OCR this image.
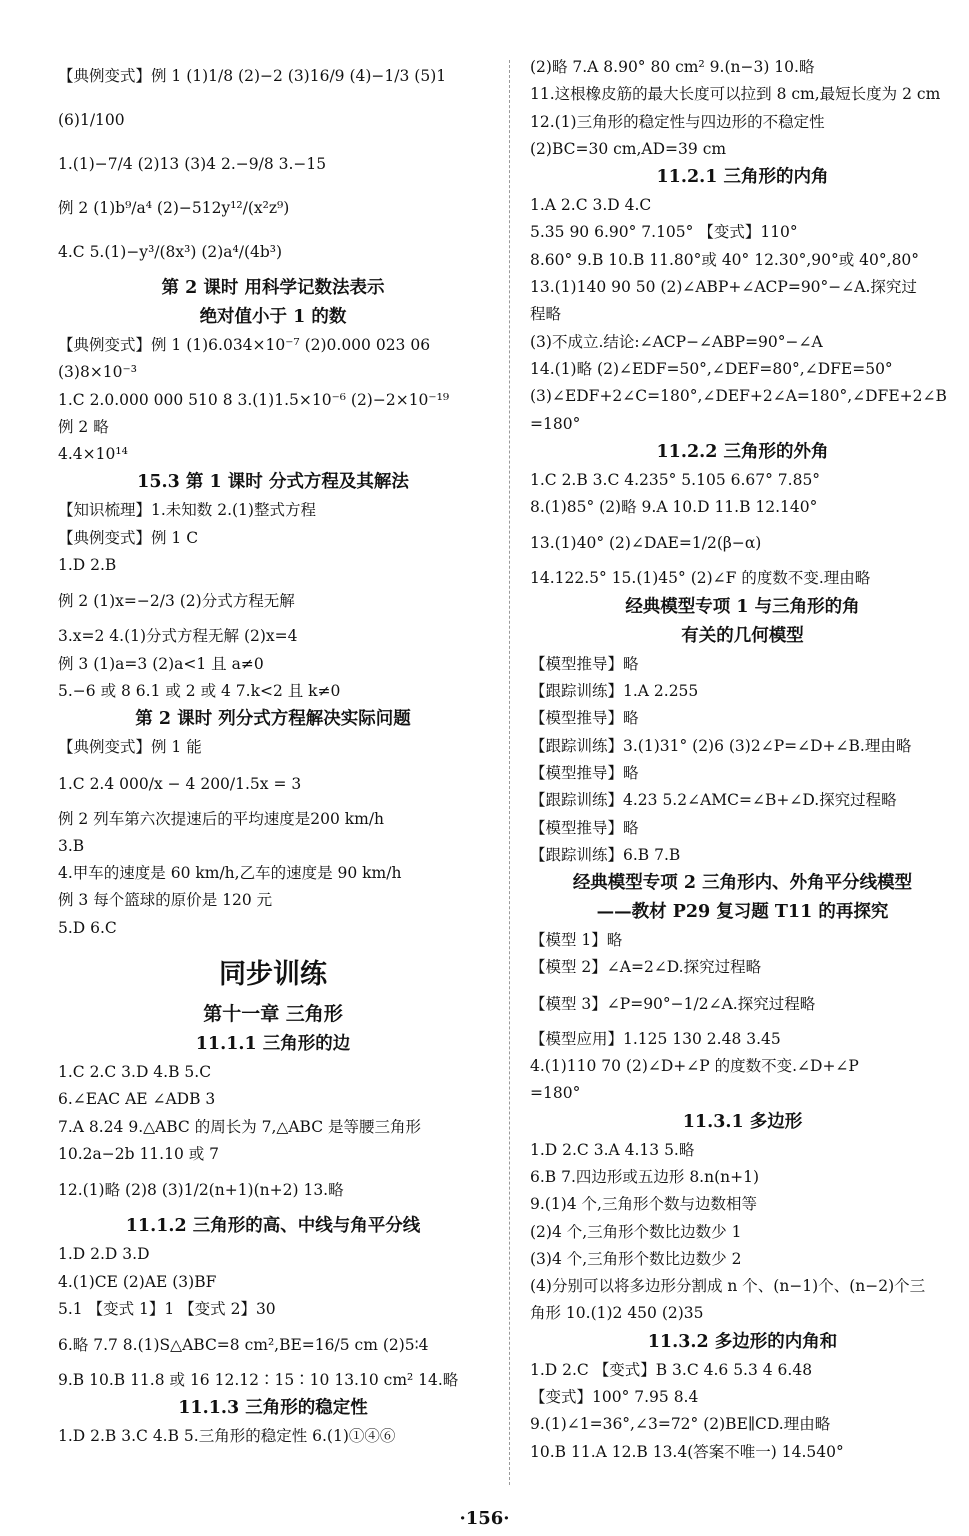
【典例变式】例 1 (1)1/8 (2)−2 (3)16/9 (4)−1/3 (5)1
(6)1/100
1.(1)−7/4 (2)13 (3)4 2.−9/8 3.−15
例 2 (1)b⁹/a⁴ (2)−512y¹²/(x²z⁹)
4.C 5.(1)−y³/(8x³) (2)a⁴/(4b³)
第 2 课时 用科学记数法表示
绝对值小于 1 的数
【典例变式】例 1 (1)6.034×10⁻⁷ (2)0.000 023 06
(3)8×10⁻³
1.C 2.0.000 000 510 8 3.(1)1.5×10⁻⁶ (2)−2×10⁻¹⁹
例 2 略
4.4×10¹⁴
15.3 第 1 课时 分式方程及其解法
【知识梳理】1.未知数 2.(1)整式方程
【典例变式】例 1 C
1.D 2.B
例 2 (1)x=−2/3 (2)分式方程无解
3.x=2 4.(1)分式方程无解 (2)x=4
例 3 (1)a=3 (2)a<1 且 a≠0
5.−6 或 8 6.1 或 2 或 4 7.k<2 且 k≠0
第 2 课时 列分式方程解决实际问题
【典例变式】例 1 能
1.C 2.4 000/x − 4 200/1.5x = 3
例 2 列车第六次提速后的平均速度是200 km/h
3.B
4.甲车的速度是 60 km/h,乙车的速度是 90 km/h
例 3 每个篮球的原价是 120 元
5.D 6.C
同步训练
第十一章 三角形
11.1.1 三角形的边
1.C 2.C 3.D 4.B 5.C
6.∠EAC AE ∠ADB 3
7.A 8.24 9.△ABC 的周长为 7,△ABC 是等腰三角形
10.2a−2b 11.10 或 7
12.(1)略 (2)8 (3)1/2(n+1)(n+2) 13.略
11.1.2 三角形的高、中线与角平分线
1.D 2.D 3.D
4.(1)CE (2)AE (3)BF
5.1 【变式 1】1 【变式 2】30
6.略 7.7 8.(1)S△ABC=8 cm²,BE=16/5 cm (2)5∶4
9.B 10.B 11.8 或 16 12.12∶15∶10 13.10 cm² 14.略
11.1.3 三角形的稳定性
1.D 2.B 3.C 4.B 5.三角形的稳定性 6.(1)①④⑥
(2)略 7.A 8.90° 80 cm² 9.(n−3) 10.略
11.这根橡皮筋的最大长度可以拉到 8 cm,最短长度为 2 cm
12.(1)三角形的稳定性与四边形的不稳定性
(2)BC=30 cm,AD=39 cm
11.2.1 三角形的内角
1.A 2.C 3.D 4.C
5.35 90 6.90° 7.105° 【变式】110°
8.60° 9.B 10.B 11.80°或 40° 12.30°,90°或 40°,80°
13.(1)140 90 50 (2)∠ABP+∠ACP=90°−∠A.探究过
程略
(3)不成立.结论:∠ACP−∠ABP=90°−∠A
14.(1)略 (2)∠EDF=50°,∠DEF=80°,∠DFE=50°
(3)∠EDF+2∠C=180°,∠DEF+2∠A=180°,∠DFE+2∠B
=180°
11.2.2 三角形的外角
1.C 2.B 3.C 4.235° 5.105 6.67° 7.85°
8.(1)85° (2)略 9.A 10.D 11.B 12.140°
13.(1)40° (2)∠DAE=1/2(β−α)
14.122.5° 15.(1)45° (2)∠F 的度数不变.理由略
经典模型专项 1 与三角形的角
有关的几何模型
【模型推导】略
【跟踪训练】1.A 2.255
【模型推导】略
【跟踪训练】3.(1)31° (2)6 (3)2∠P=∠D+∠B.理由略
【模型推导】略
【跟踪训练】4.23 5.2∠AMC=∠B+∠D.探究过程略
【模型推导】略
【跟踪训练】6.B 7.B
经典模型专项 2 三角形内、外角平分线模型
——教材 P29 复习题 T11 的再探究
【模型 1】略
【模型 2】∠A=2∠D.探究过程略
【模型 3】∠P=90°−1/2∠A.探究过程略
【模型应用】1.125 130 2.48 3.45
4.(1)110 70 (2)∠D+∠P 的度数不变.∠D+∠P
=180°
11.3.1 多边形
1.D 2.C 3.A 4.13 5.略
6.B 7.四边形或五边形 8.n(n+1)
9.(1)4 个,三角形个数与边数相等
(2)4 个,三角形个数比边数少 1
(3)4 个,三角形个数比边数少 2
(4)分别可以将多边形分割成 n 个、(n−1)个、(n−2)个三
角形 10.(1)2 450 (2)35
11.3.2 多边形的内角和
1.D 2.C 【变式】B 3.C 4.6 5.3 4 6.48
【变式】100° 7.95 8.4
9.(1)∠1=36°,∠3=72° (2)BE∥CD.理由略
10.B 11.A 12.B 13.4(答案不唯一) 14.540°
·156·
